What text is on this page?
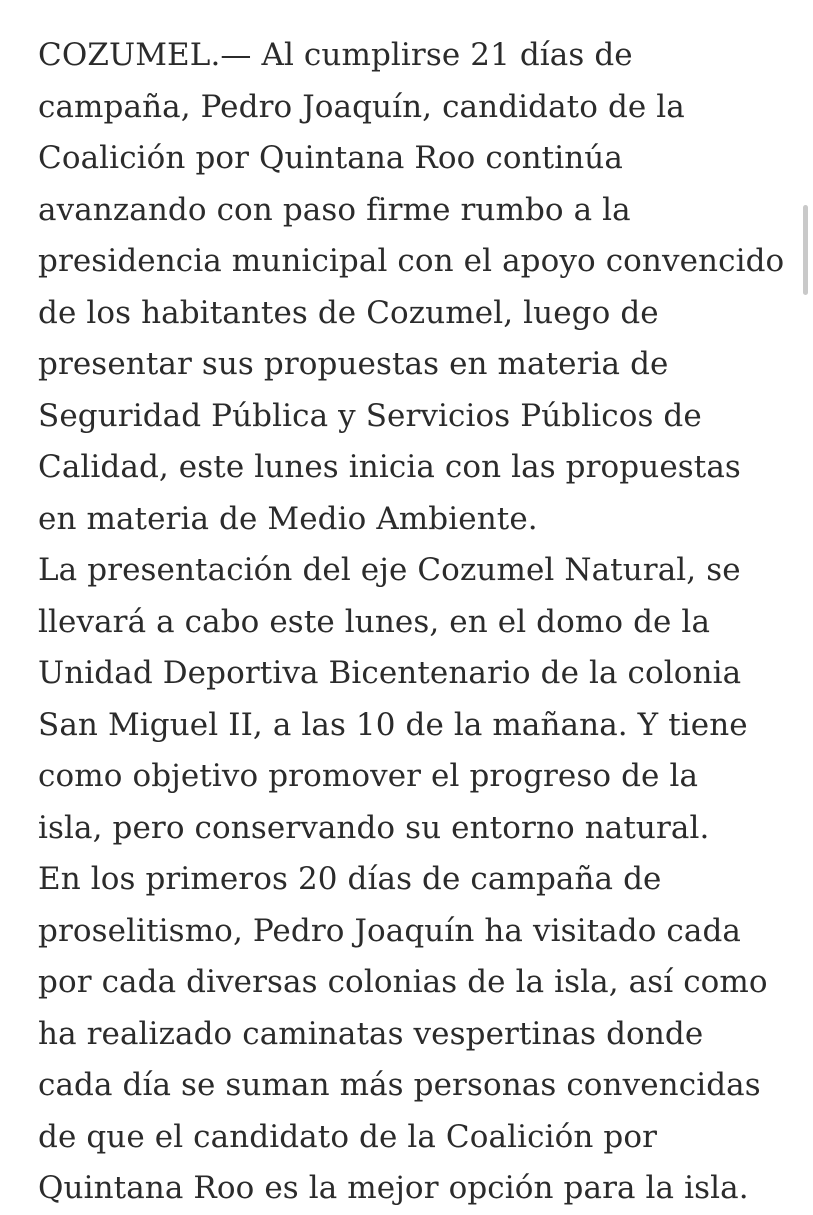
COZUMEL.— Al cumplirse 21 días de
campaña, Pedro Joaquín, candidato de la
Coalición por Quintana Roo continúa
avanzando con paso firme rumbo a la
presidencia municipal con el apoyo convencido
de los habitantes de Cozumel, luego de
presentar sus propuestas en materia de
Seguridad Pública y Servicios Públicos de
Calidad, este lunes inicia con las propuestas
en materia de Medio Ambiente.
La presentación del eje Cozumel Natural, se
llevará a cabo este lunes, en el domo de la
Unidad Deportiva Bicentenario de la colonia
San Miguel II, a las 10 de la mañana. Y tiene
como objetivo promover el progreso de la
isla, pero conservando su entorno natural.
En los primeros 20 días de campaña de
proselitismo, Pedro Joaquín ha visitado cada
por cada diversas colonias de la isla, así como
ha realizado caminatas vespertinas donde
cada día se suman más personas convencidas
de que el candidato de la Coalición por
Quintana Roo es la mejor opción para la isla.
